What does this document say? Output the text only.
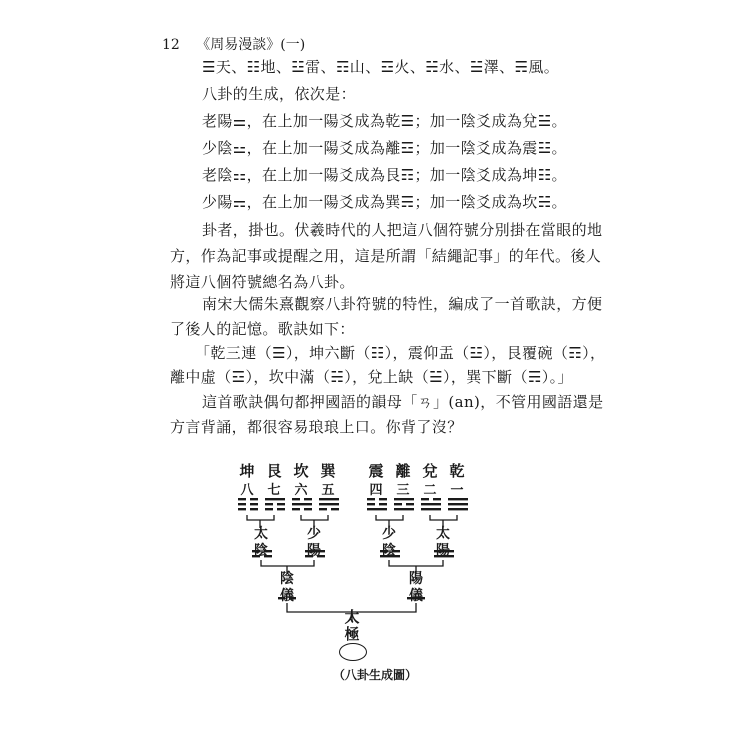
12 《周易漫談》(一)
☰天、☷地、☳雷、☶山、☲火、☵水、☱澤、☴風。
八卦的生成，依次是：
老陽⚌，在上加一陽爻成為乾☰；加一陰爻成為兌☱。
少陰⚍，在上加一陽爻成為離☲；加一陰爻成為震☳。
老陰⚏，在上加一陽爻成為艮☶；加一陰爻成為坤☷。
少陽⚎，在上加一陽爻成為巽☴；加一陰爻成為坎☵。
卦者，掛也。伏羲時代的人把這八個符號分別掛在當眼的地
方，作為記事或提醒之用，這是所謂「結繩記事」的年代。後人
將這八個符號總名為八卦。
南宋大儒朱熹觀察八卦符號的特性，編成了一首歌訣，方便
了後人的記憶。歌訣如下：
「乾三連（☰），坤六斷（☷），震仰盂（☳），艮覆碗（☶），
離中虛（☲），坎中滿（☵），兌上缺（☱），巽下斷（☴）。」
這首歌訣偶句都押國語的韻母「ㄢ」(an)，不管用國語還是
方言背誦，都很容易琅琅上口。你背了沒？
坤 艮 坎 巽 震 離 兌 乾
八	七	六	五	四	三	二	一
太陰
少陽
少陰
太陽
陰儀
陽儀
太極
（八卦生成圖）
